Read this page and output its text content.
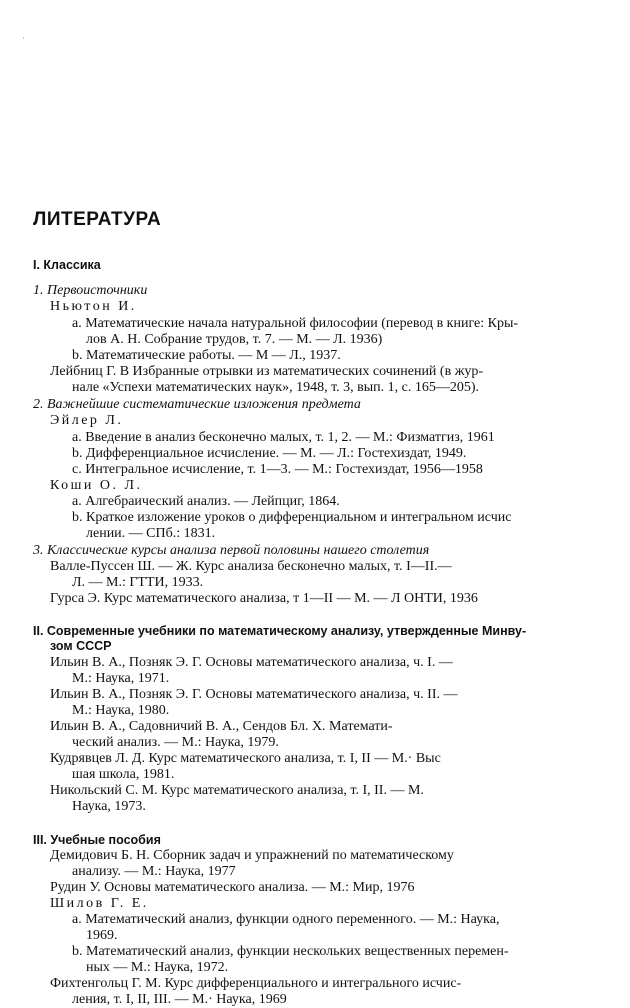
·
ЛИТЕРАТУРА
I. Классика
1. Первоисточники
Ньютон И.
а. Математические начала натуральной философии (перевод в книге: Кры-
лов А. Н. Собрание трудов, т. 7. — М. — Л. 1936)
b. Математические работы. — М — Л., 1937.
Лейбниц Г. В Избранные отрывки из математических сочинений (в жур-
нале «Успехи математических наук», 1948, т. 3, вып. 1, с. 165—205).
2. Важнейшие систематические изложения предмета
Эйлер Л.
а. Введение в анализ бесконечно малых, т. 1, 2. — М.: Физматгиз, 1961
b. Дифференциальное исчисление. — М. — Л.: Гостехиздат, 1949.
c. Интегральное исчисление, т. 1—3. — М.: Гостехиздат, 1956—1958
Коши О. Л.
а. Алгебраический анализ. — Лейпциг, 1864.
b. Краткое изложение уроков о дифференциальном и интегральном исчис
лении. — СПб.: 1831.
3. Классические курсы анализа первой половины нашего столетия
Валле-Пуссен Ш. — Ж. Курс анализа бесконечно малых, т. I—II.—
Л. — М.: ГТТИ, 1933.
Гурса Э. Курс математического анализа, т 1—II — М. — Л ОНТИ, 1936
II. Современные учебники по математическому анализу, утвержденные Минву-
зом СССР
Ильин В. А., Позняк Э. Г. Основы математического анализа, ч. I. —
М.: Наука, 1971.
Ильин В. А., Позняк Э. Г. Основы математического анализа, ч. II. —
М.: Наука, 1980.
Ильин В. А., Садовничий В. А., Сендов Бл. Х. Математи-
ческий анализ. — М.: Наука, 1979.
Кудрявцев Л. Д. Курс математического анализа, т. I, II — М.· Выс
шая школа, 1981.
Никольский С. М. Курс математического анализа, т. I, II. — М.
Наука, 1973.
III. Учебные пособия
Демидович Б. Н. Сборник задач и упражнений по математическому
анализу. — М.: Наука, 1977
Рудин У. Основы математического анализа. — М.: Мир, 1976
Шилов Г. Е.
а. Математический анализ, функции одного переменного. — М.: Наука,
1969.
b. Математический анализ, функции нескольких вещественных перемен-
ных — М.: Наука, 1972.
Фихтенгольц Г. М. Курс дифференциального и интегрального исчис-
ления, т. I, II, III. — М.· Наука, 1969
